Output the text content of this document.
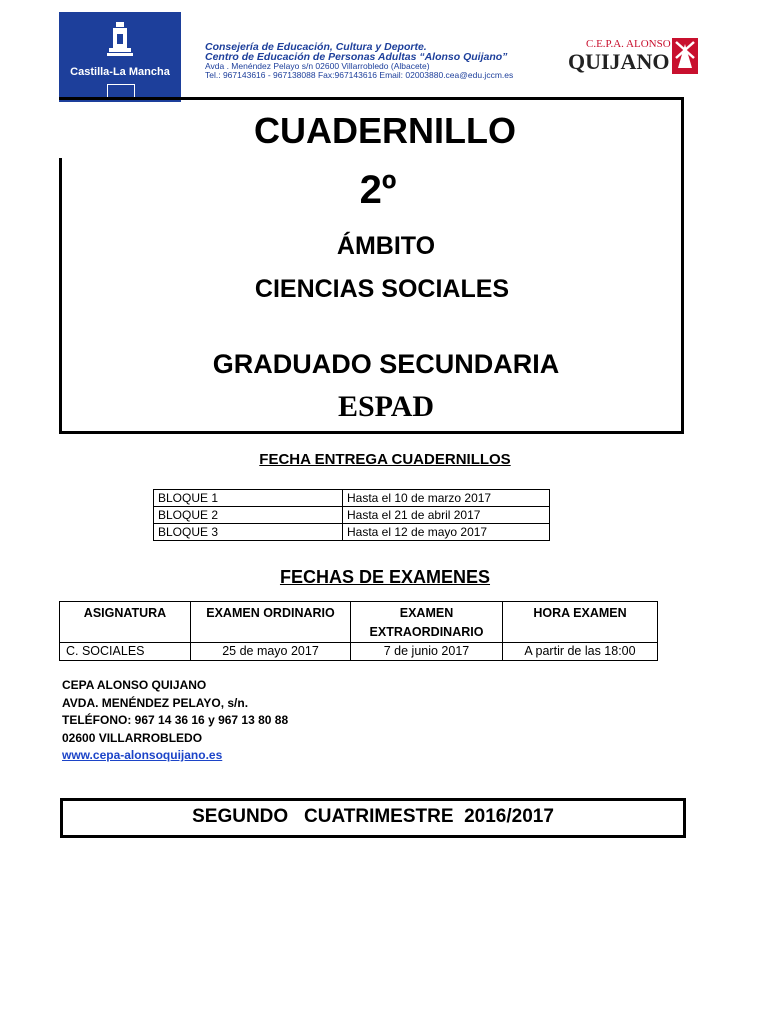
Castilla-La Mancha
Consejería de Educación, Cultura y Deporte.
Centro de Educación de Personas Adultas “Alonso Quijano”
Avda . Menéndez Pelayo s/n 02600 Villarrobledo (Albacete)
Tel.: 967143616 - 967138088 Fax:967143616 Email: 02003880.cea@edu.jccm.es
C.E.P.A. ALONSO
QUIJANO
CUADERNILLO
2º
ÁMBITO
CIENCIAS SOCIALES
GRADUADO SECUNDARIA
ESPAD
FECHA ENTREGA CUADERNILLOS
BLOQUE 1	Hasta el 10 de marzo 2017
BLOQUE 2	Hasta el 21 de abril 2017
BLOQUE 3	Hasta el 12 de mayo 2017
FECHAS DE EXAMENES
ASIGNATURA	EXAMEN ORDINARIO	EXAMEN EXTRAORDINARIO	HORA EXAMEN
C. SOCIALES	25 de mayo 2017	7 de junio 2017	A partir de las 18:00
CEPA ALONSO QUIJANO
AVDA. MENÉNDEZ PELAYO, s/n.
TELÉFONO: 967 14 36 16 y 967 13 80 88
02600 VILLARROBLEDO
www.cepa-alonsoquijano.es
SEGUNDO   CUATRIMESTRE  2016/2017
